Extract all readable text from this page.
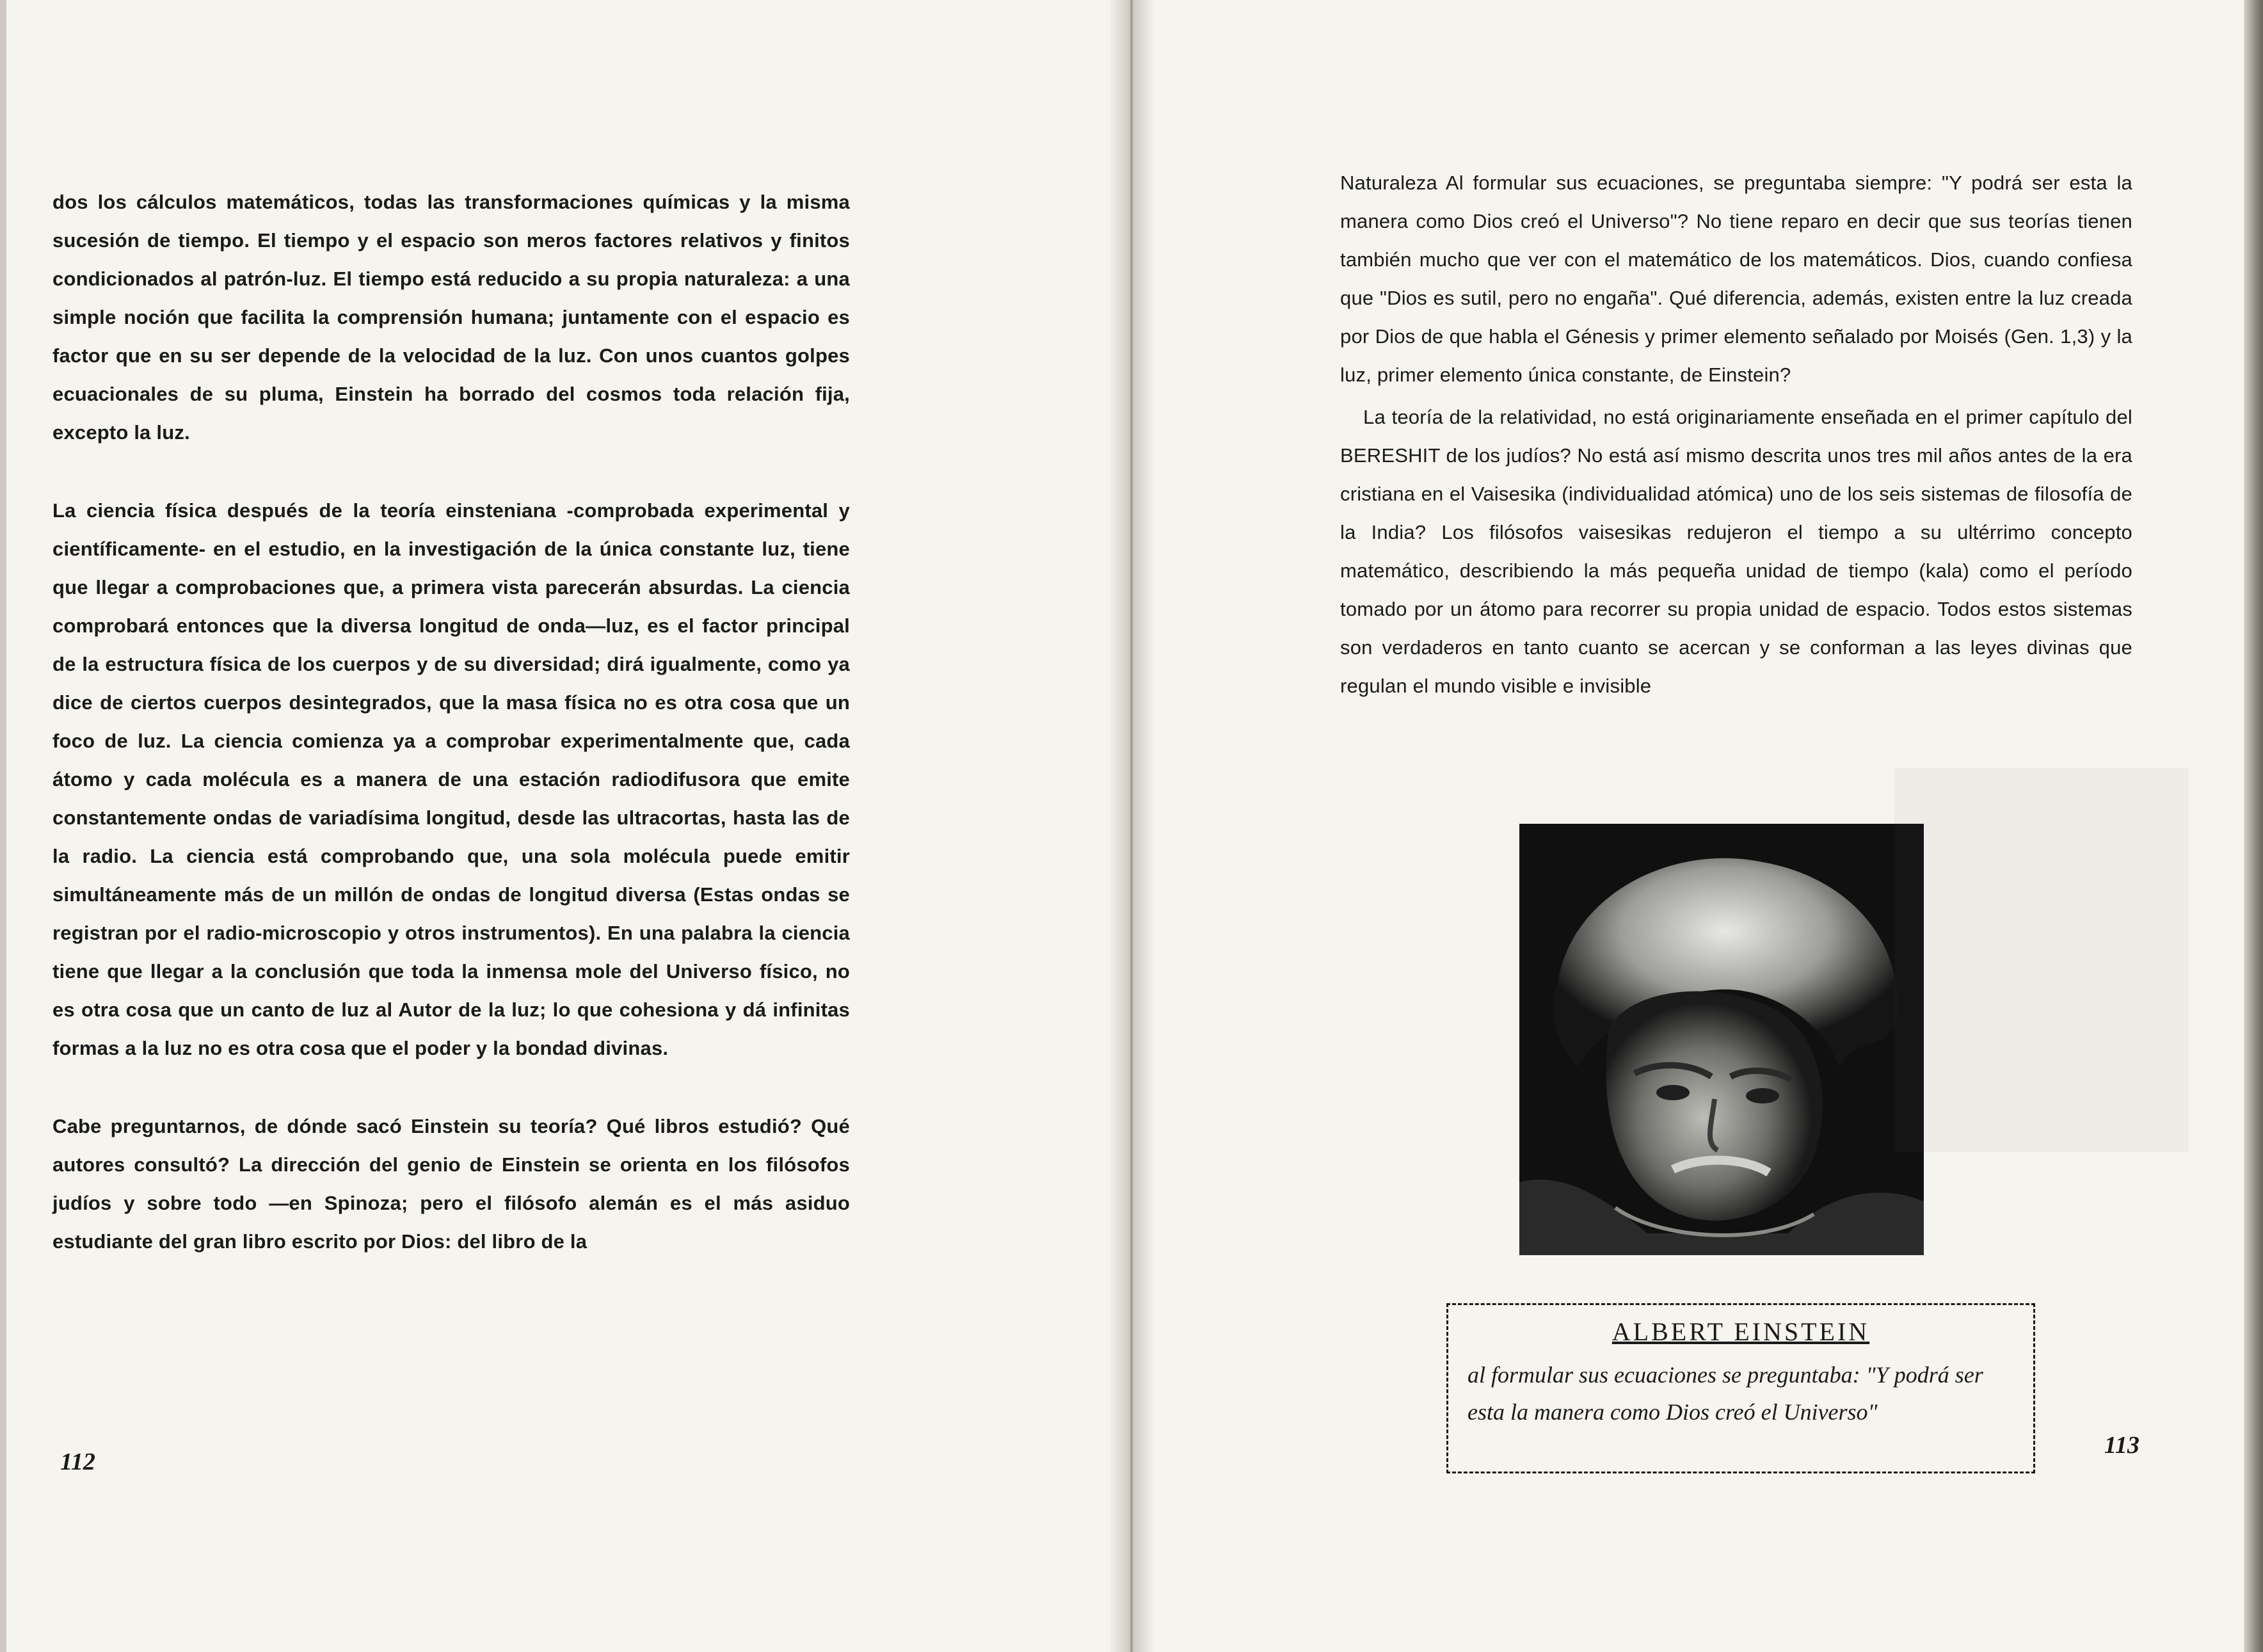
dos los cálculos matemáticos, todas las transformaciones químicas y la misma sucesión de tiempo. El tiempo y el espacio son meros factores relativos y finitos condicionados al patrón-luz. El tiempo está reducido a su propia naturaleza: a una simple noción que facilita la comprensión humana; juntamente con el espacio es factor que en su ser depende de la velocidad de la luz. Con unos cuantos golpes ecuacionales de su pluma, Einstein ha borrado del cosmos toda relación fija, excepto la luz.

La ciencia física después de la teoría einsteniana -comprobada experimental y científicamente- en el estudio, en la investigación de la única constante luz, tiene que llegar a comprobaciones que, a primera vista parecerán absurdas. La ciencia comprobará entonces que la diversa longitud de onda—luz, es el factor principal de la estructura física de los cuerpos y de su diversidad; dirá igualmente, como ya dice de ciertos cuerpos desintegrados, que la masa física no es otra cosa que un foco de luz. La ciencia comienza ya a comprobar experimentalmente que, cada átomo y cada molécula es a manera de una estación radiodifusora que emite constantemente ondas de variadísima longitud, desde las ultracortas, hasta las de la radio. La ciencia está comprobando que, una sola molécula puede emitir simultáneamente más de un millón de ondas de longitud diversa (Estas ondas se registran por el radio-microscopio y otros instrumentos). En una palabra la ciencia tiene que llegar a la conclusión que toda la inmensa mole del Universo físico, no es otra cosa que un canto de luz al Autor de la luz; lo que cohesiona y dá infinitas formas a la luz no es otra cosa que el poder y la bondad divinas.

Cabe preguntarnos, de dónde sacó Einstein su teoría? Qué libros estudió? Qué autores consultó? La dirección del genio de Einstein se orienta en los filósofos judíos y sobre todo —en Spinoza; pero el filósofo alemán es el más asiduo estudiante del gran libro escrito por Dios: del libro de la

112

Naturaleza Al formular sus ecuaciones, se preguntaba siempre: "Y podrá ser esta la manera como Dios creó el Universo"? No tiene reparo en decir que sus teorías tienen también mucho que ver con el matemático de los matemáticos. Dios, cuando confiesa que "Dios es sutil, pero no engaña". Qué diferencia, además, existen entre la luz creada por Dios de que habla el Génesis y primer elemento señalado por Moisés (Gen. 1,3) y la luz, primer elemento única constante, de Einstein?

La teoría de la relatividad, no está originariamente enseñada en el primer capítulo del BERESHIT de los judíos? No está así mismo descrita unos tres mil años antes de la era cristiana en el Vaisesika (individualidad atómica) uno de los seis sistemas de filosofía de la India? Los filósofos vaisesikas redujeron el tiempo a su ultérrimo concepto matemático, describiendo la más pequeña unidad de tiempo (kala) como el período tomado por un átomo para recorrer su propia unidad de espacio. Todos estos sistemas son verdaderos en tanto cuanto se acercan y se conforman a las leyes divinas que regulan el mundo visible e invisible

113
ALBERT EINSTEIN
al formular sus ecuaciones se preguntaba: "Y podrá ser esta la manera como Dios creó el Universo"
